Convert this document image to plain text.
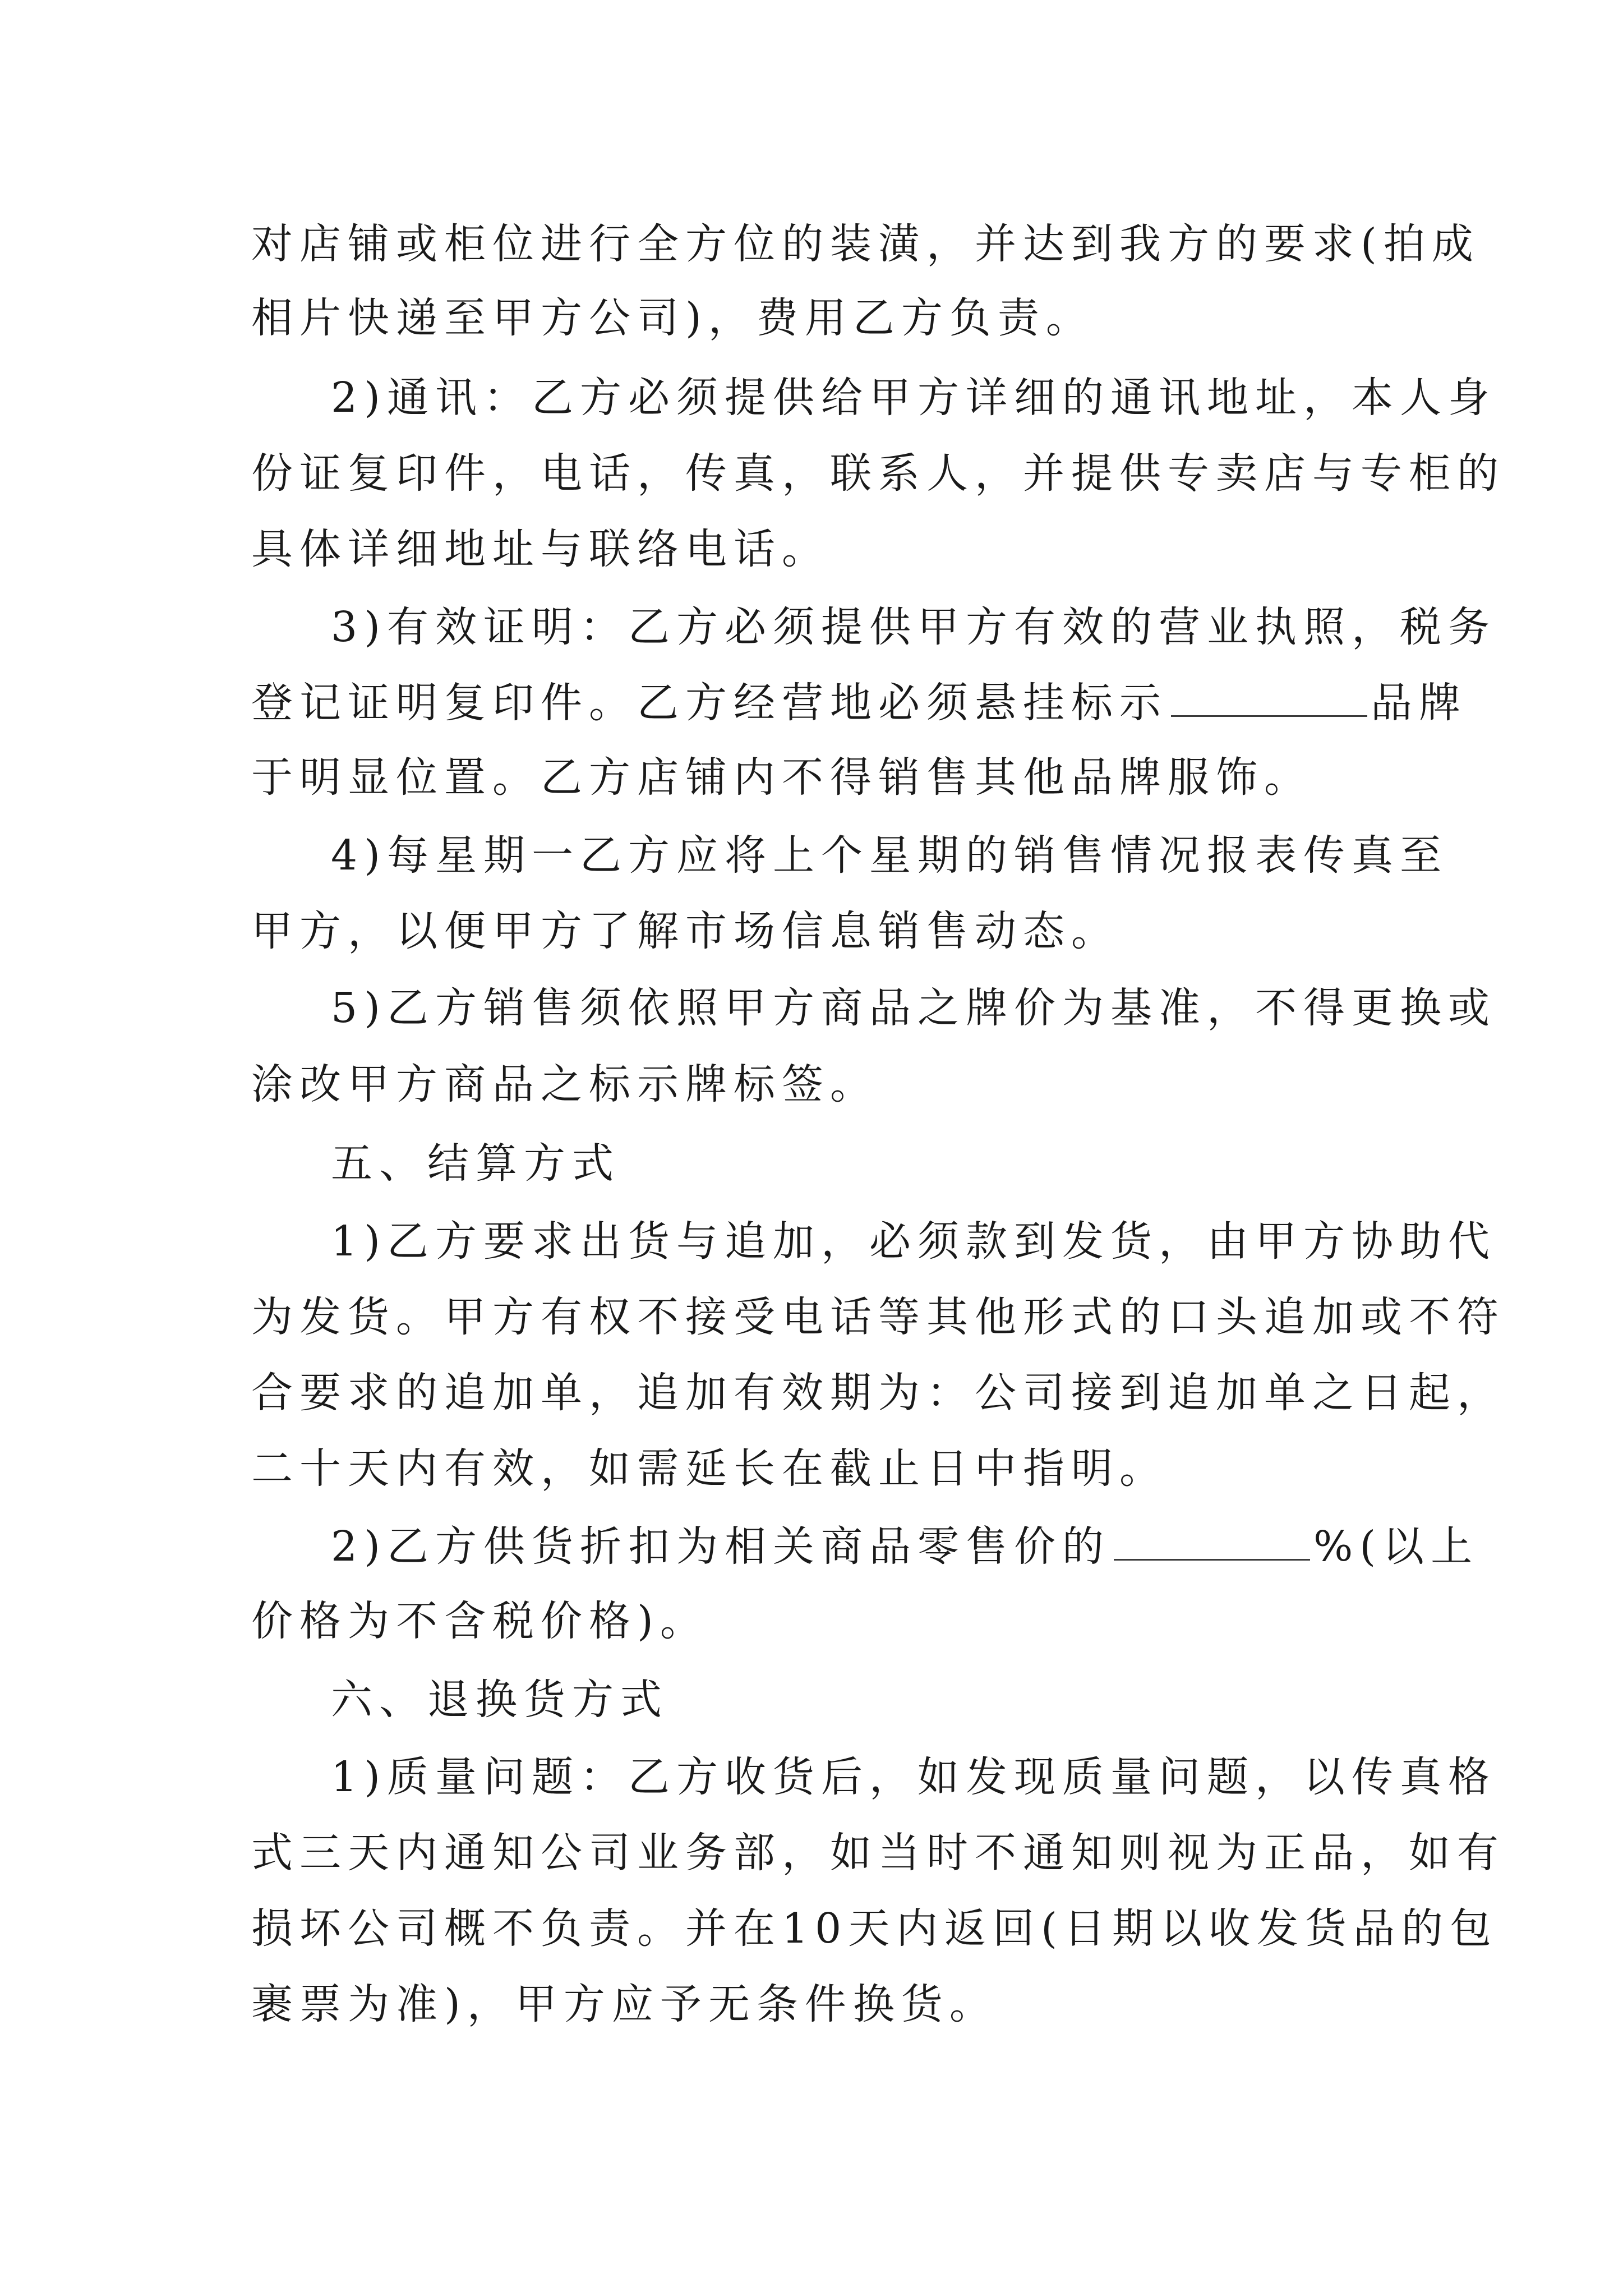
对店铺或柜位进行全方位的装潢，并达到我方的要求(拍成
相片快递至甲方公司)，费用乙方负责。
2)通讯：乙方必须提供给甲方详细的通讯地址，本人身
份证复印件，电话，传真，联系人，并提供专卖店与专柜的
具体详细地址与联络电话。
3)有效证明：乙方必须提供甲方有效的营业执照，税务
登记证明复印件。乙方经营地必须悬挂标示	品牌
于明显位置。乙方店铺内不得销售其他品牌服饰。
4)每星期一乙方应将上个星期的销售情况报表传真至
甲方，以便甲方了解市场信息销售动态。
5)乙方销售须依照甲方商品之牌价为基准，不得更换或
涂改甲方商品之标示牌标签。
五、结算方式
1)乙方要求出货与追加，必须款到发货，由甲方协助代
为发货。甲方有权不接受电话等其他形式的口头追加或不符
合要求的追加单，追加有效期为：公司接到追加单之日起，
二十天内有效，如需延长在截止日中指明。
2)乙方供货折扣为相关商品零售价的	%(以上
价格为不含税价格)。
六、退换货方式
1)质量问题：乙方收货后，如发现质量问题，以传真格
式三天内通知公司业务部，如当时不通知则视为正品，如有
损坏公司概不负责。并在10天内返回(日期以收发货品的包
裹票为准)，甲方应予无条件换货。
